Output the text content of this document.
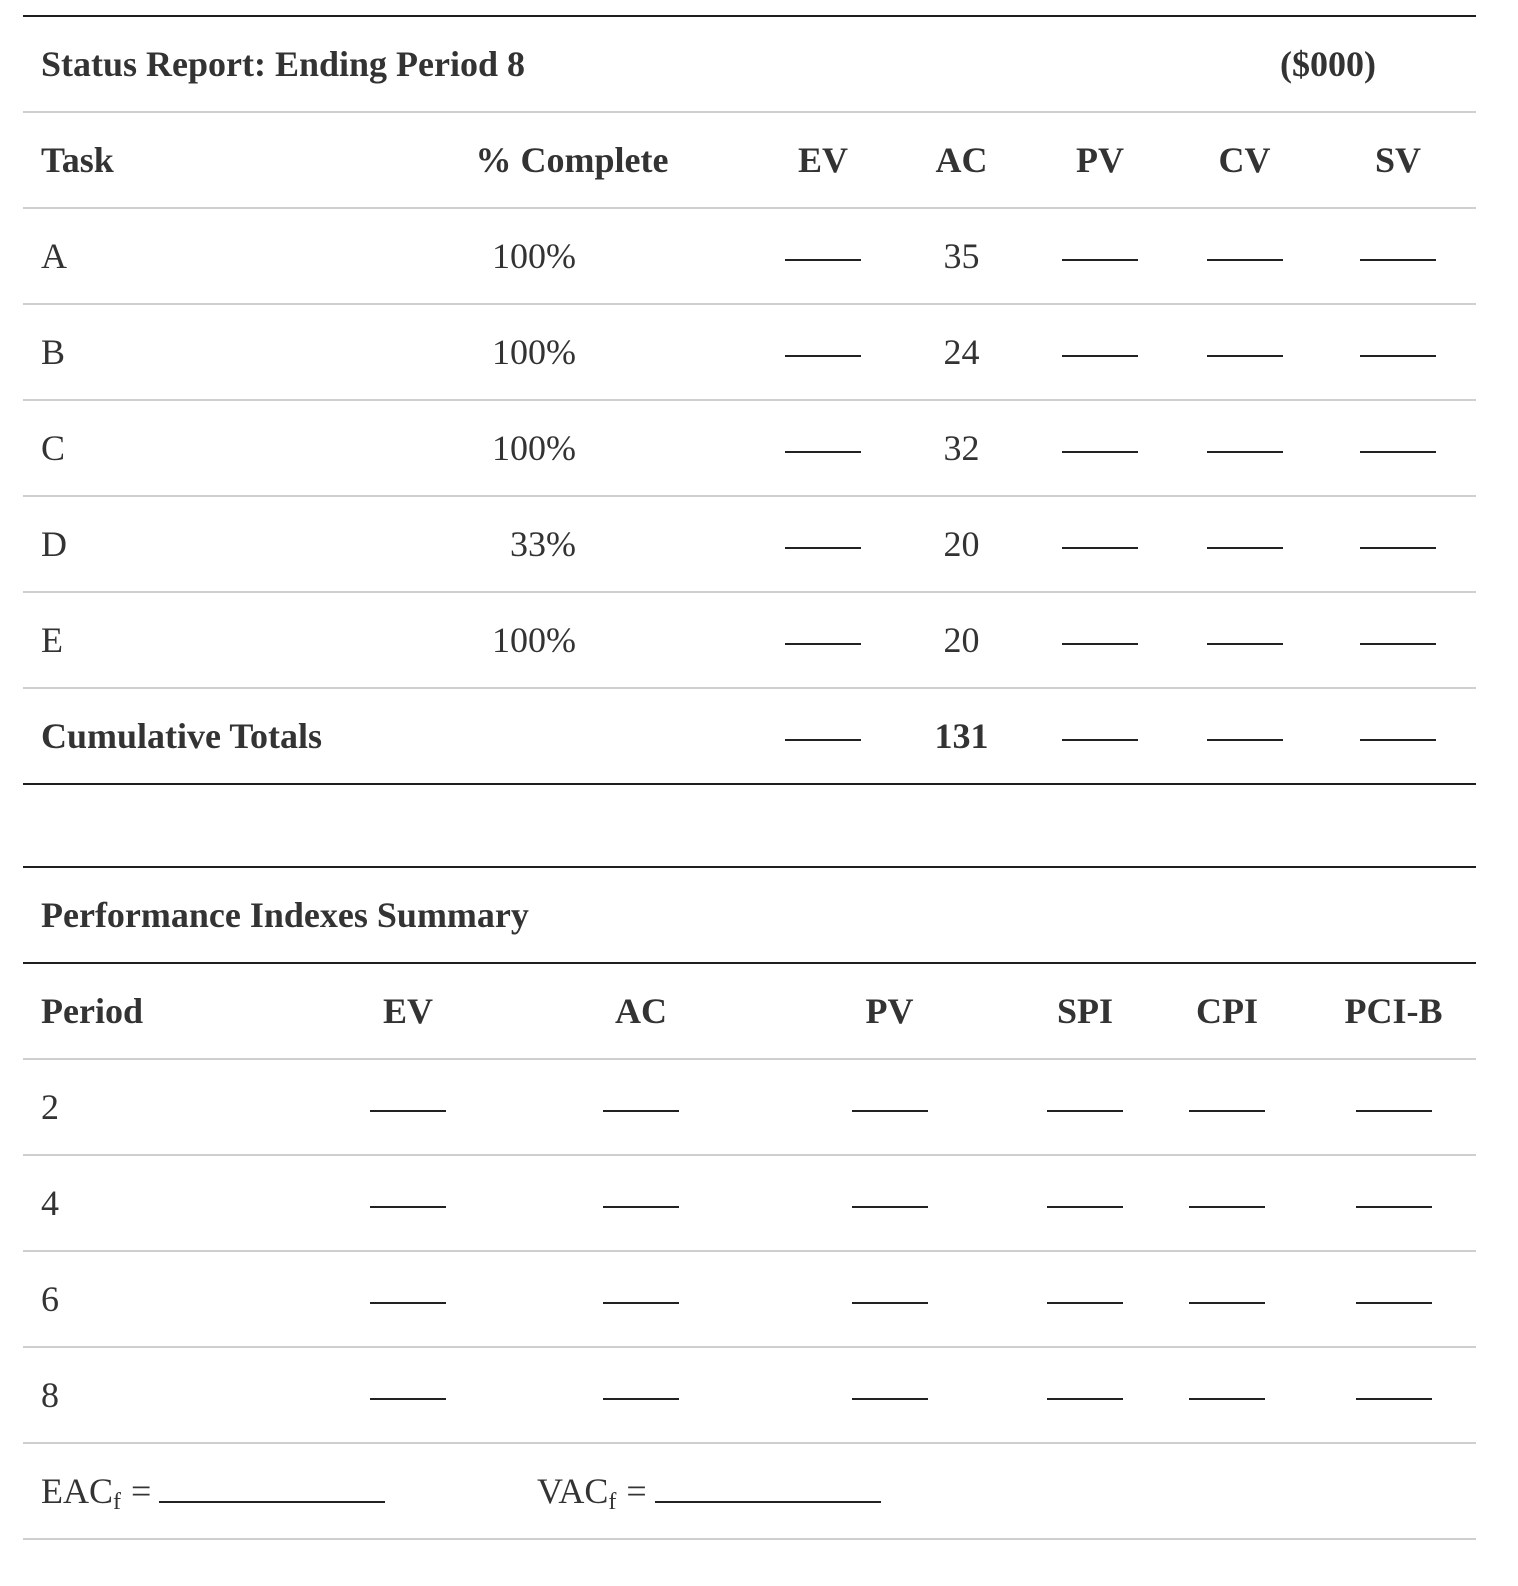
Status Report: Ending Period 8					($000)	
Task	% Complete	EV	AC	PV	CV	SV
A	100%		35			
B	100%		24			
C	100%		32			
D	33%		20			
E	100%		20			
Cumulative Totals			131			
Performance Indexes Summary						
Period	EV	AC	PV	SPI	CPI	PCI-B
2						
4						
6						
8						

$EAC_f$ =		$VAC_f$ =				
